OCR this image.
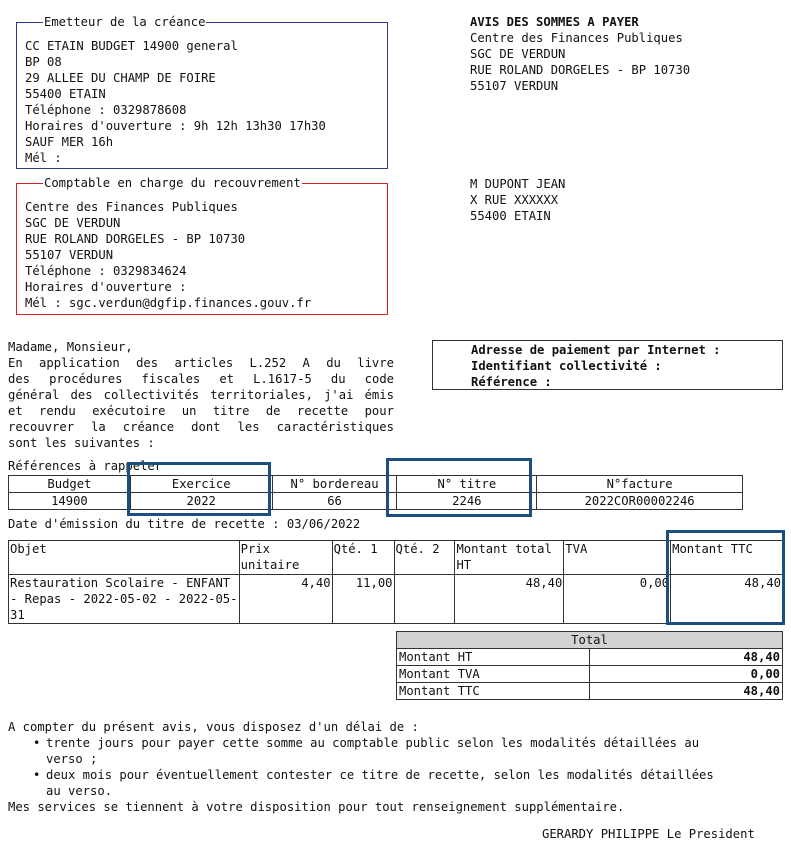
Emetteur de la créance
CC ETAIN BUDGET 14900 general
BP 08
29 ALLEE DU CHAMP DE FOIRE
55400 ETAIN
Téléphone : 0329878608
Horaires d'ouverture : 9h 12h 13h30 17h30
SAUF MER 16h
Mél :
Comptable en charge du recouvrement
Centre des Finances Publiques
SGC DE VERDUN
RUE ROLAND DORGELES - BP 10730
55107 VERDUN
Téléphone : 0329834624
Horaires d'ouverture :
Mél : sgc.verdun@dgfip.finances.gouv.fr
AVIS DES SOMMES A PAYER
Centre des Finances Publiques
SGC DE VERDUN
RUE ROLAND DORGELES - BP 10730
55107 VERDUN
M DUPONT JEAN
X RUE XXXXXX
55400 ETAIN
Adresse de paiement par Internet :
Identifiant collectivité :
Référence :
Madame, Monsieur,
En application des articles L.252 A du livre
des procédures fiscales et L.1617-5 du code
général des collectivités territoriales, j'ai émis
et rendu exécutoire un titre de recette pour
recouvrer la créance dont les caractéristiques
sont les suivantes :
Références à rappeler
Budget	Exercice	N° bordereau	N° titre	N°facture
14900	2022	66	2246	2022COR00002246
Date d'émission du titre de recette : 03/06/2022
Objet	Prix unitaire	Qté. 1	Qté. 2	Montant total HT	TVA	Montant TTC
Restauration Scolaire - ENFANT - Repas - 2022-05-02 - 2022-05-31	4,40	11,00		48,40	0,00	48,40
Total	
Montant HT	48,40
Montant TVA	0,00
Montant TTC	48,40
A compter du présent avis, vous disposez d'un délai de :
• trente jours pour payer cette somme au comptable public selon les modalités détaillées au
verso ;
• deux mois pour éventuellement contester ce titre de recette, selon les modalités détaillées
au verso.
Mes services se tiennent à votre disposition pour tout renseignement supplémentaire.
GERARDY PHILIPPE Le President
